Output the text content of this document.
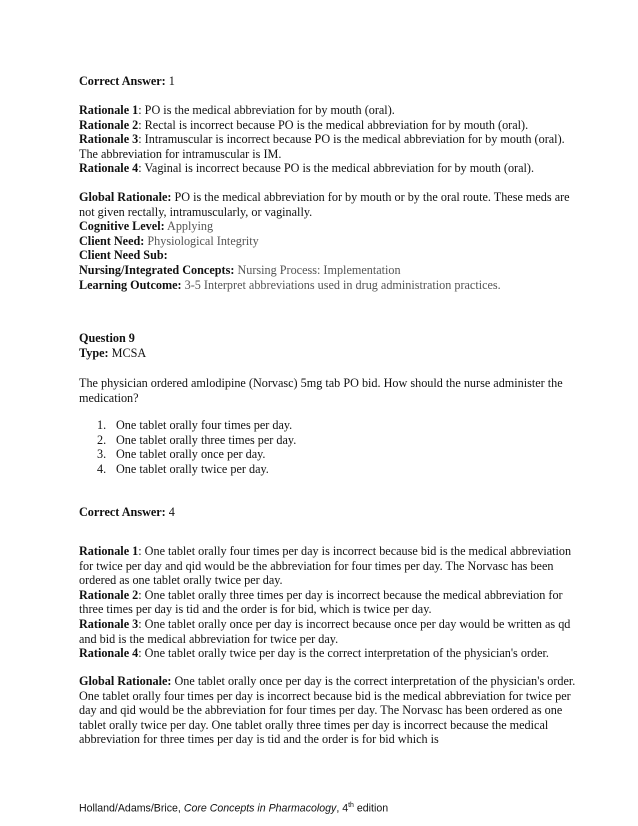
Correct Answer: 1

Rationale 1: PO is the medical abbreviation for by mouth (oral).

Rationale 2: Rectal is incorrect because PO is the medical abbreviation for by mouth (oral).

Rationale 3: Intramuscular is incorrect because PO is the medical abbreviation for by mouth (oral). The abbreviation for intramuscular is IM.

Rationale 4: Vaginal is incorrect because PO is the medical abbreviation for by mouth (oral).

Global Rationale: PO is the medical abbreviation for by mouth or by the oral route. These meds are not given rectally, intramuscularly, or vaginally.

Cognitive Level: Applying

Client Need: Physiological Integrity

Client Need Sub:

Nursing/Integrated Concepts: Nursing Process: Implementation

Learning Outcome: 3-5 Interpret abbreviations used in drug administration practices.

Question 9

Type: MCSA

The physician ordered amlodipine (Norvasc) 5mg tab PO bid. How should the nurse administer the medication?

1. One tablet orally four times per day.
2. One tablet orally three times per day.
3. One tablet orally once per day.
4. One tablet orally twice per day.

Correct Answer: 4

Rationale 1: One tablet orally four times per day is incorrect because bid is the medical abbreviation for twice per day and qid would be the abbreviation for four times per day. The Norvasc has been ordered as one tablet orally twice per day.

Rationale 2: One tablet orally three times per day is incorrect because the medical abbreviation for three times per day is tid and the order is for bid, which is twice per day.

Rationale 3: One tablet orally once per day is incorrect because once per day would be written as qd and bid is the medical abbreviation for twice per day.

Rationale 4: One tablet orally twice per day is the correct interpretation of the physician's order.

Global Rationale: One tablet orally once per day is the correct interpretation of the physician's order. One tablet orally four times per day is incorrect because bid is the medical abbreviation for twice per day and qid would be the abbreviation for four times per day. The Norvasc has been ordered as one tablet orally twice per day. One tablet orally three times per day is incorrect because the medical abbreviation for three times per day is tid and the order is for bid which is

Holland/Adams/Brice, Core Concepts in Pharmacology, 4th edition
